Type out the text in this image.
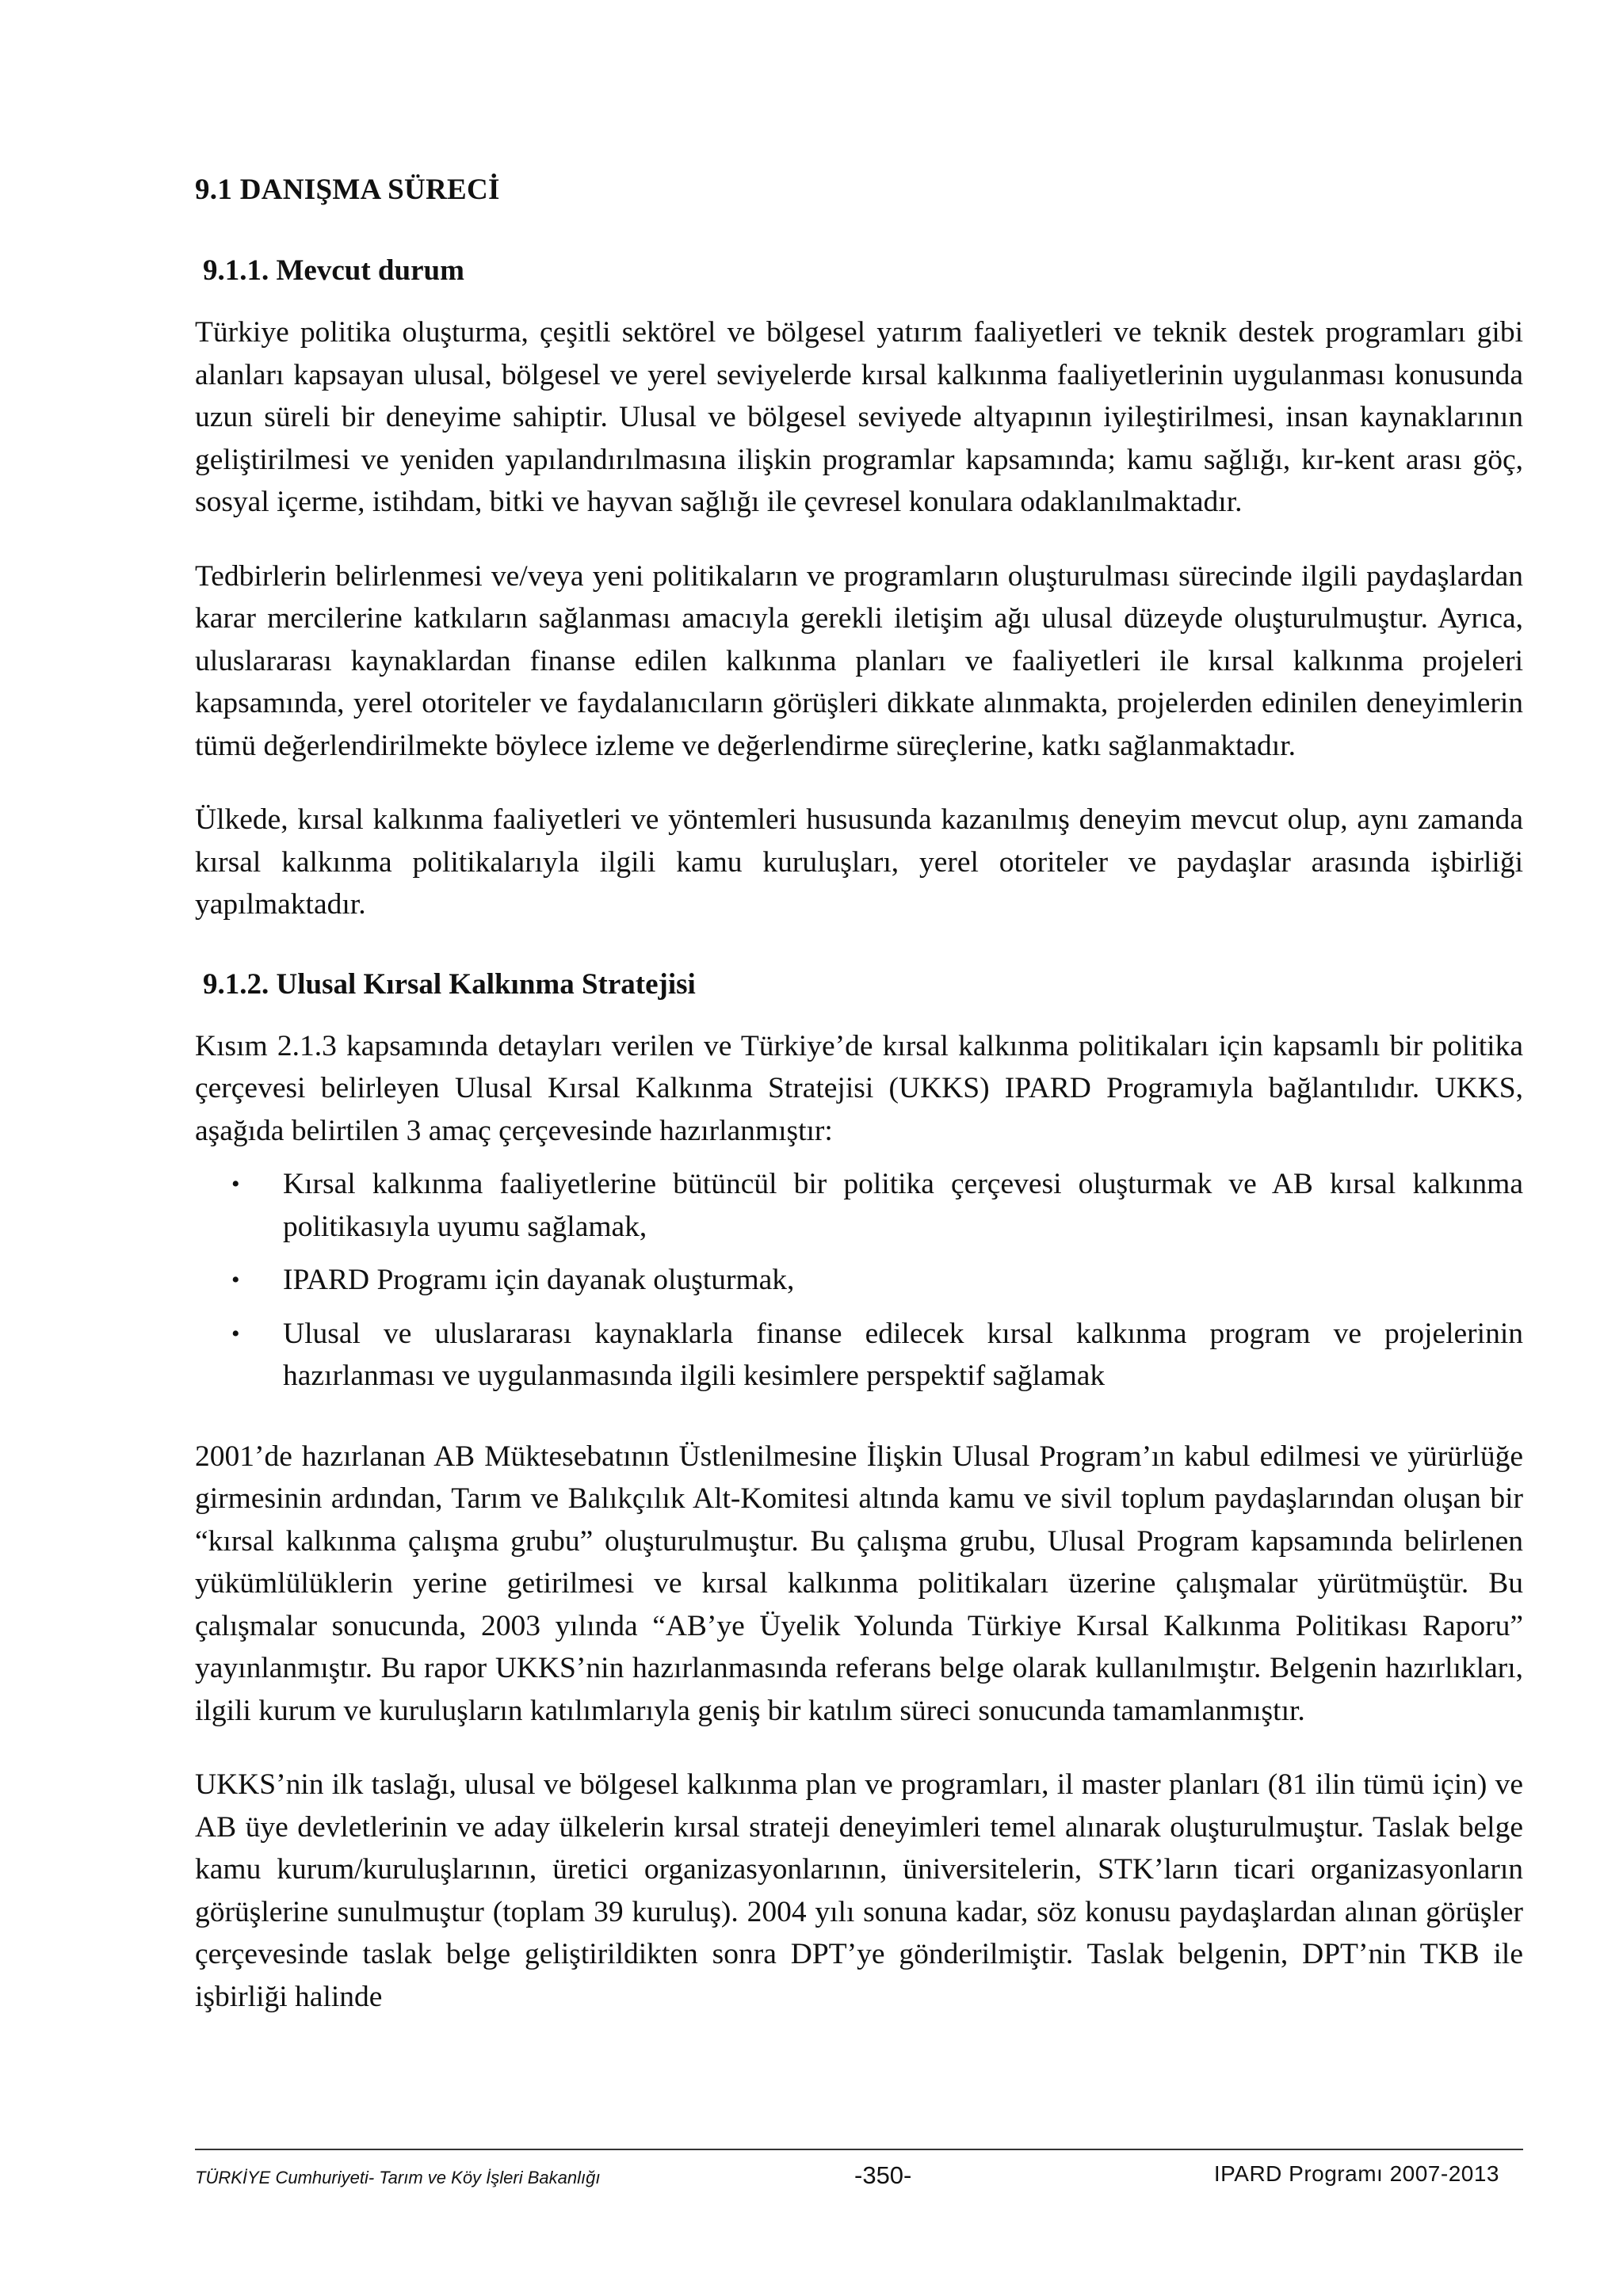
9.1 DANIŞMA SÜRECİ
9.1.1. Mevcut durum

Türkiye politika oluşturma, çeşitli sektörel ve bölgesel yatırım faaliyetleri ve teknik destek programları gibi alanları kapsayan ulusal, bölgesel ve yerel seviyelerde kırsal kalkınma faaliyetlerinin uygulanması konusunda uzun süreli bir deneyime sahiptir. Ulusal ve bölgesel seviyede altyapının iyileştirilmesi, insan kaynaklarının geliştirilmesi ve yeniden yapılandırılmasına ilişkin programlar kapsamında; kamu sağlığı, kır-kent arası göç, sosyal içerme, istihdam, bitki ve hayvan sağlığı ile çevresel konulara odaklanılmaktadır.

Tedbirlerin belirlenmesi ve/veya yeni politikaların ve programların oluşturulması sürecinde ilgili paydaşlardan karar mercilerine katkıların sağlanması amacıyla gerekli iletişim ağı ulusal düzeyde oluşturulmuştur. Ayrıca, uluslararası kaynaklardan finanse edilen kalkınma planları ve faaliyetleri ile kırsal kalkınma projeleri kapsamında, yerel otoriteler ve faydalanıcıların görüşleri dikkate alınmakta, projelerden edinilen deneyimlerin tümü değerlendirilmekte böylece izleme ve değerlendirme süreçlerine, katkı sağlanmaktadır.

Ülkede, kırsal kalkınma faaliyetleri ve yöntemleri hususunda kazanılmış deneyim mevcut olup, aynı zamanda kırsal kalkınma politikalarıyla ilgili kamu kuruluşları, yerel otoriteler ve paydaşlar arasında işbirliği yapılmaktadır.

9.1.2. Ulusal Kırsal Kalkınma Stratejisi

Kısım 2.1.3 kapsamında detayları verilen ve Türkiye’de kırsal kalkınma politikaları için kapsamlı bir politika çerçevesi belirleyen Ulusal Kırsal Kalkınma Stratejisi (UKKS) IPARD Programıyla bağlantılıdır. UKKS, aşağıda belirtilen 3 amaç çerçevesinde hazırlanmıştır:

• Kırsal kalkınma faaliyetlerine bütüncül bir politika çerçevesi oluşturmak ve AB kırsal kalkınma politikasıyla uyumu sağlamak,
• IPARD Programı için dayanak oluşturmak,
• Ulusal ve uluslararası kaynaklarla finanse edilecek kırsal kalkınma program ve projelerinin hazırlanması ve uygulanmasında ilgili kesimlere perspektif sağlamak

2001’de hazırlanan AB Müktesebatının Üstlenilmesine İlişkin Ulusal Program’ın kabul edilmesi ve yürürlüğe girmesinin ardından, Tarım ve Balıkçılık Alt-Komitesi altında kamu ve sivil toplum paydaşlarından oluşan bir “kırsal kalkınma çalışma grubu” oluşturulmuştur. Bu çalışma grubu, Ulusal Program kapsamında belirlenen yükümlülüklerin yerine getirilmesi ve kırsal kalkınma politikaları üzerine çalışmalar yürütmüştür. Bu çalışmalar sonucunda, 2003 yılında “AB’ye Üyelik Yolunda Türkiye Kırsal Kalkınma Politikası Raporu” yayınlanmıştır. Bu rapor UKKS’nin hazırlanmasında referans belge olarak kullanılmıştır. Belgenin hazırlıkları, ilgili kurum ve kuruluşların katılımlarıyla geniş bir katılım süreci sonucunda tamamlanmıştır.

UKKS’nin ilk taslağı, ulusal ve bölgesel kalkınma plan ve programları, il master planları (81 ilin tümü için) ve AB üye devletlerinin ve aday ülkelerin kırsal strateji deneyimleri temel alınarak oluşturulmuştur. Taslak belge kamu kurum/kuruluşlarının, üretici organizasyonlarının, üniversitelerin, STK’ların ticari organizasyonların görüşlerine sunulmuştur (toplam 39 kuruluş). 2004 yılı sonuna kadar, söz konusu paydaşlardan alınan görüşler çerçevesinde taslak belge geliştirildikten sonra DPT’ye gönderilmiştir. Taslak belgenin, DPT’nin TKB ile işbirliği halinde

TÜRKİYE Cumhuriyeti- Tarım ve Köy İşleri Bakanlığı	-350-	IPARD Programı 2007-2013
